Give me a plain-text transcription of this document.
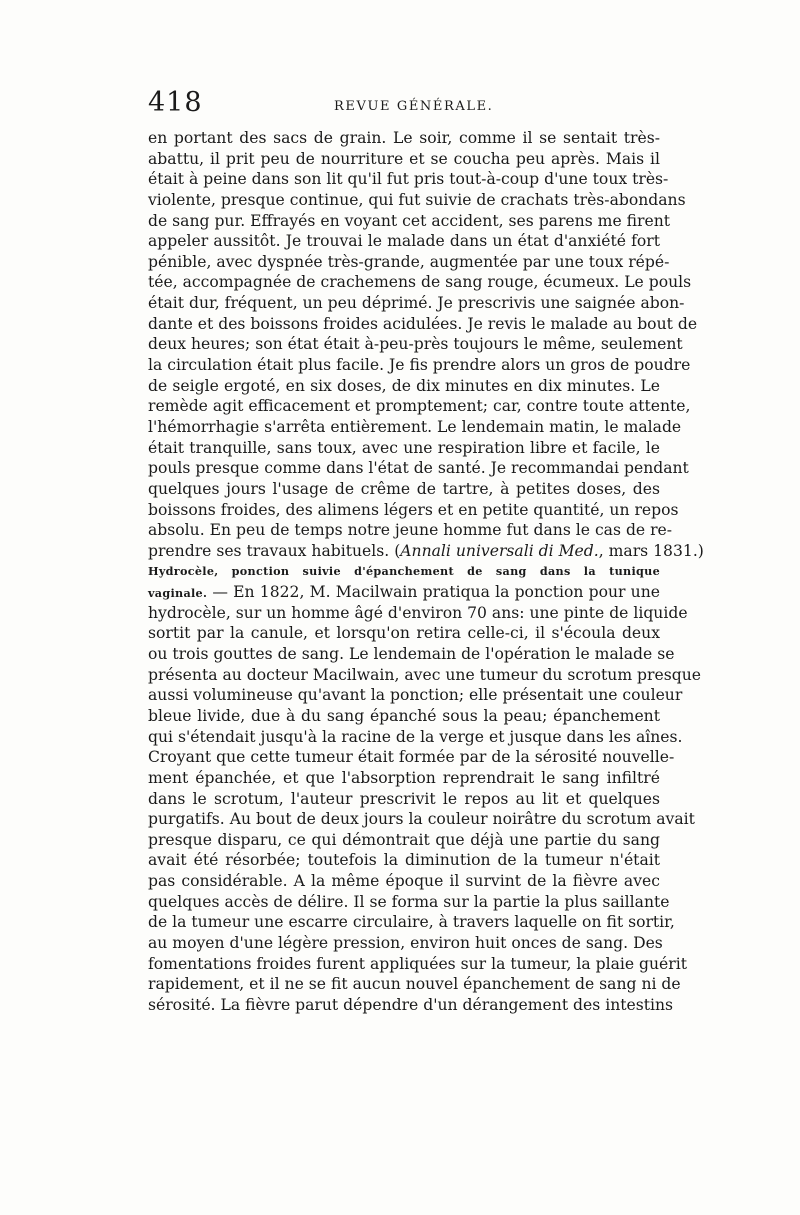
418	REVUE GÉNÉRALE.
en portant des sacs de grain. Le soir, comme il se sentait très-
abattu, il prit peu de nourriture et se coucha peu après. Mais il
était à peine dans son lit qu'il fut pris tout-à-coup d'une toux très-
violente, presque continue, qui fut suivie de crachats très-abondans
de sang pur. Effrayés en voyant cet accident, ses parens me firent
appeler aussitôt. Je trouvai le malade dans un état d'anxiété fort
pénible, avec dyspnée très-grande, augmentée par une toux répé-
tée, accompagnée de crachemens de sang rouge, écumeux. Le pouls
était dur, fréquent, un peu déprimé. Je prescrivis une saignée abon-
dante et des boissons froides acidulées. Je revis le malade au bout de
deux heures; son état était à-peu-près toujours le même, seulement
la circulation était plus facile. Je fis prendre alors un gros de poudre
de seigle ergoté, en six doses, de dix minutes en dix minutes. Le
remède agit efficacement et promptement; car, contre toute attente,
l'hémorrhagie s'arrêta entièrement. Le lendemain matin, le malade
était tranquille, sans toux, avec une respiration libre et facile, le
pouls presque comme dans l'état de santé. Je recommandai pendant
quelques jours l'usage de crême de tartre, à petites doses, des
boissons froides, des alimens légers et en petite quantité, un repos
absolu. En peu de temps notre jeune homme fut dans le cas de re-
prendre ses travaux habituels. (Annali universali di Med., mars 1831.)
Hydrocèle, ponction suivie d'épanchement de sang dans la tunique
vaginale. — En 1822, M. Macilwain pratiqua la ponction pour une
hydrocèle, sur un homme âgé d'environ 70 ans: une pinte de liquide
sortit par la canule, et lorsqu'on retira celle-ci, il s'écoula deux
ou trois gouttes de sang. Le lendemain de l'opération le malade se
présenta au docteur Macilwain, avec une tumeur du scrotum presque
aussi volumineuse qu'avant la ponction; elle présentait une couleur
bleue livide, due à du sang épanché sous la peau; épanchement
qui s'étendait jusqu'à la racine de la verge et jusque dans les aînes.
Croyant que cette tumeur était formée par de la sérosité nouvelle-
ment épanchée, et que l'absorption reprendrait le sang infiltré
dans le scrotum, l'auteur prescrivit le repos au lit et quelques
purgatifs. Au bout de deux jours la couleur noirâtre du scrotum avait
presque disparu, ce qui démontrait que déjà une partie du sang
avait été résorbée; toutefois la diminution de la tumeur n'était
pas considérable. A la même époque il survint de la fièvre avec
quelques accès de délire. Il se forma sur la partie la plus saillante
de la tumeur une escarre circulaire, à travers laquelle on fit sortir,
au moyen d'une légère pression, environ huit onces de sang. Des
fomentations froides furent appliquées sur la tumeur, la plaie guérit
rapidement, et il ne se fit aucun nouvel épanchement de sang ni de
sérosité. La fièvre parut dépendre d'un dérangement des intestins
